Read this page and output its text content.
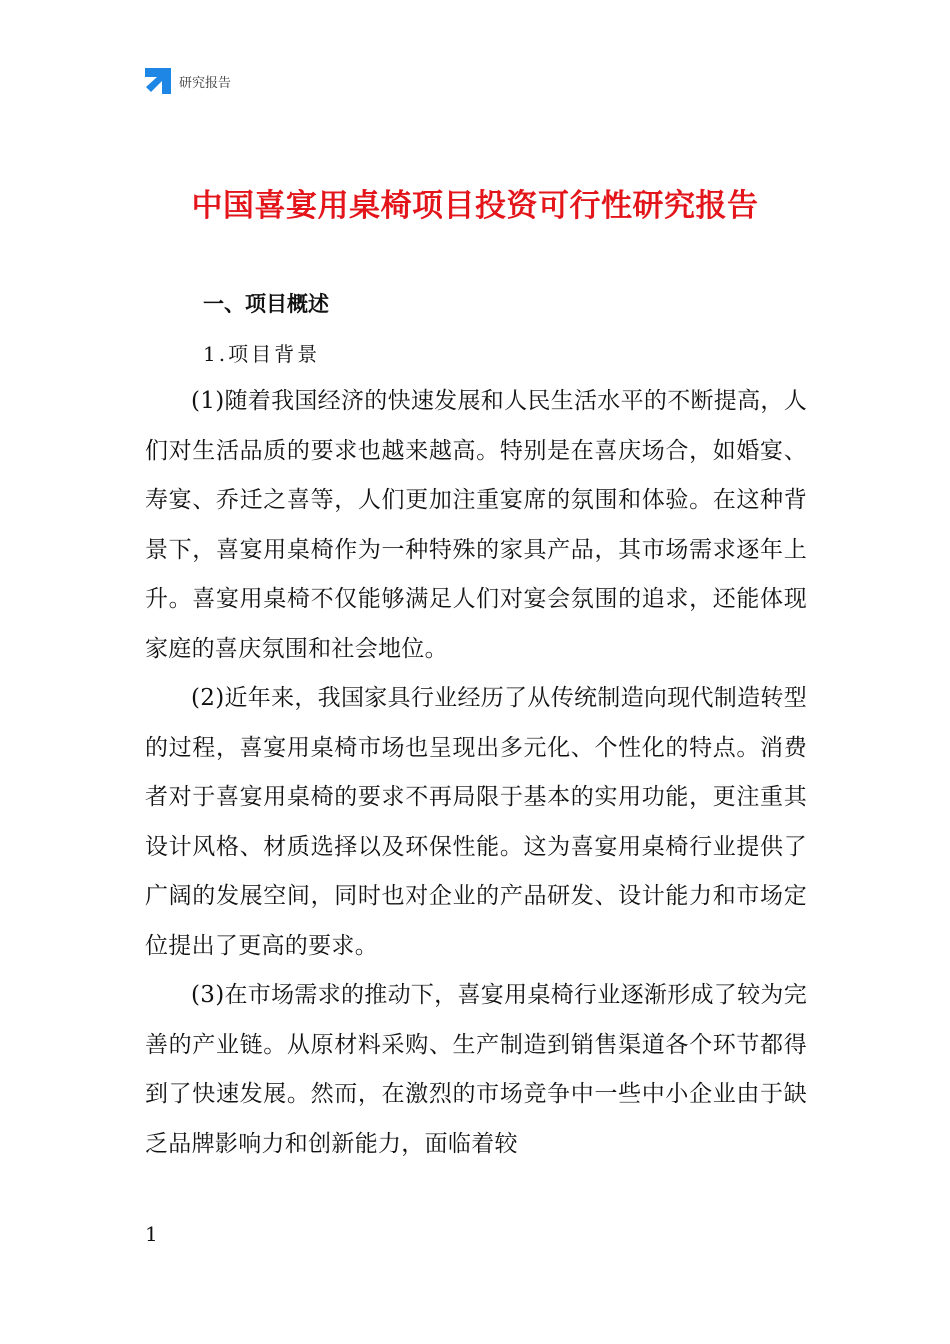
研究报告
中国喜宴用桌椅项目投资可行性研究报告
一、项目概述
1.项目背景

(1)随着我国经济的快速发展和人民生活水平的不断提高，人们对生活品质的要求也越来越高。特别是在喜庆场合，如婚宴、寿宴、乔迁之喜等，人们更加注重宴席的氛围和体验。在这种背景下，喜宴用桌椅作为一种特殊的家具产品，其市场需求逐年上升。喜宴用桌椅不仅能够满足人们对宴会氛围的追求，还能体现家庭的喜庆氛围和社会地位。

(2)近年来，我国家具行业经历了从传统制造向现代制造转型的过程，喜宴用桌椅市场也呈现出多元化、个性化的特点。消费者对于喜宴用桌椅的要求不再局限于基本的实用功能，更注重其设计风格、材质选择以及环保性能。这为喜宴用桌椅行业提供了广阔的发展空间，同时也对企业的产品研发、设计能力和市场定位提出了更高的要求。

(3)在市场需求的推动下，喜宴用桌椅行业逐渐形成了较为完善的产业链。从原材料采购、生产制造到销售渠道各个环节都得到了快速发展。然而，在激烈的市场竞争中一些中小企业由于缺乏品牌影响力和创新能力，面临着较

1
